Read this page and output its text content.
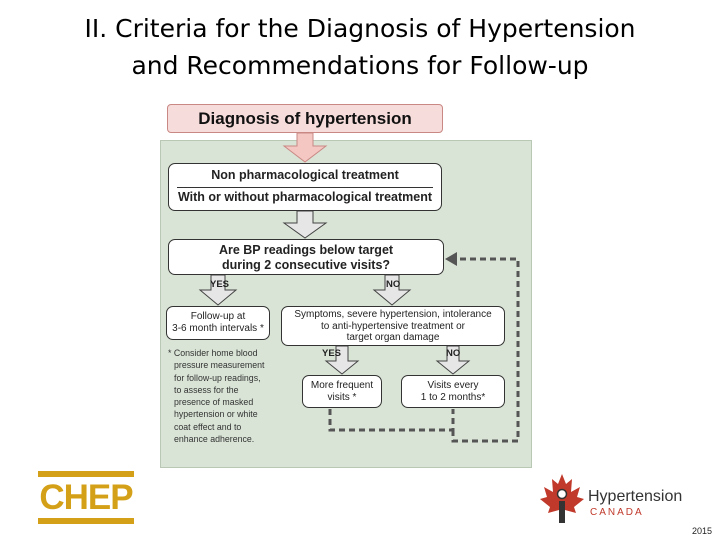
II. Criteria for the Diagnosis of Hypertension
and Recommendations for Follow-up
Diagnosis of hypertension
Non pharmacological treatment
With or without pharmacological treatment
Are BP readings below target
during 2 consecutive visits?
YES	NO
Follow-up at
3-6 month intervals *
Symptoms, severe hypertension, intolerance
to anti-hypertensive treatment or
target organ damage
YES	NO
More frequent
visits *
Visits every
1 to 2 months*
* Consider home blood
pressure measurement
for follow-up readings,
to assess for the
presence of masked
hypertension or white
coat effect and to
enhance adherence.
CHEP	Hypertension
CANADA
2015
